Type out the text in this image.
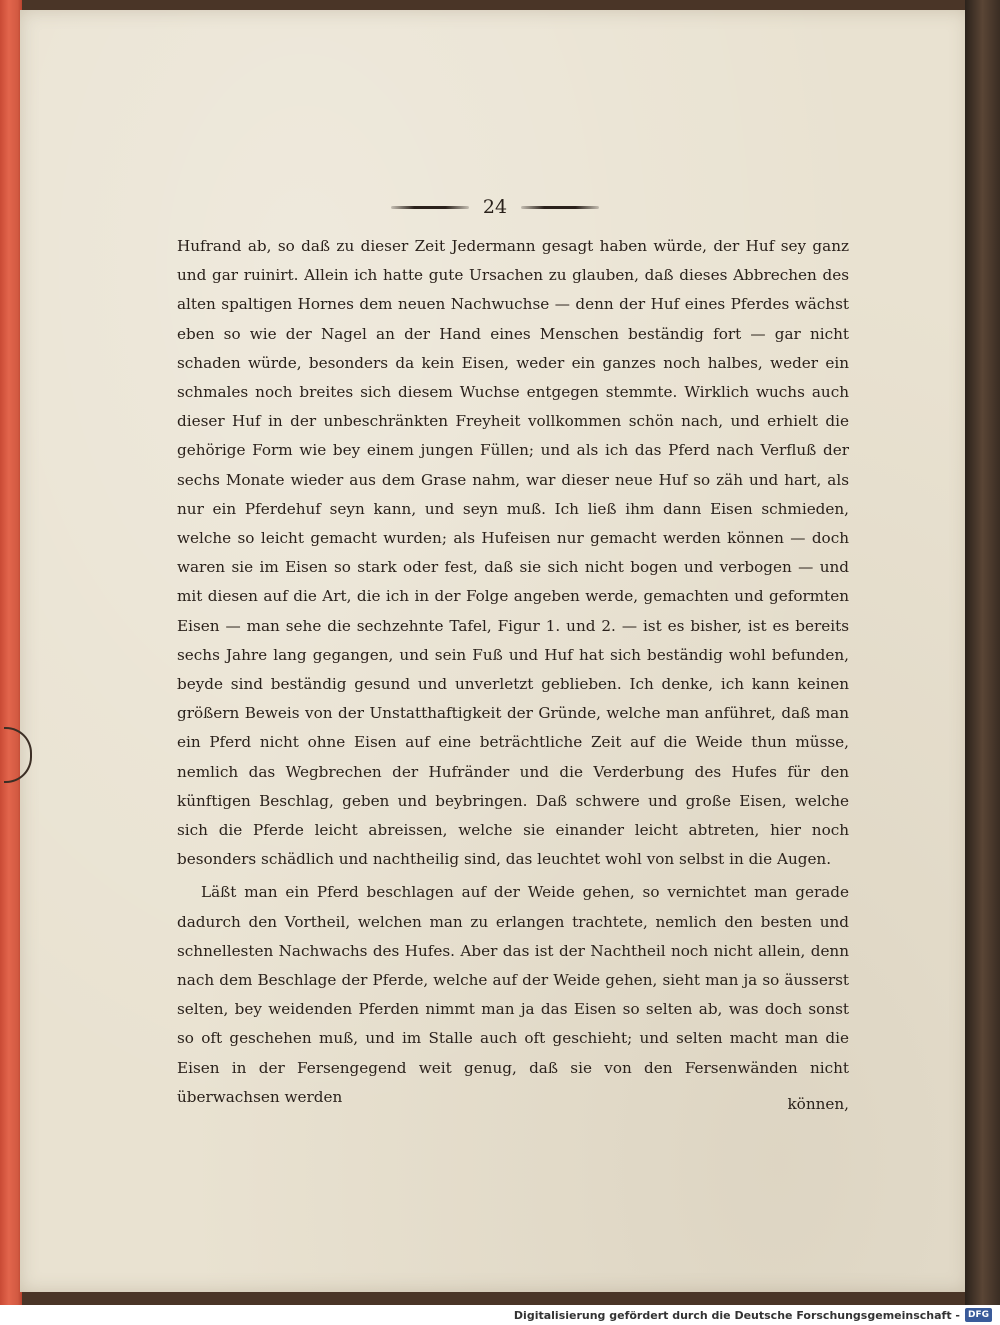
24

Hufrand ab, so daß zu dieser Zeit Jedermann gesagt haben würde, der Huf sey ganz und gar ruinirt. Allein ich hatte gute Ursachen zu glauben, daß dieses Abbrechen des alten spaltigen Hornes dem neuen Nachwuchse — denn der Huf eines Pferdes wächst eben so wie der Nagel an der Hand eines Menschen beständig fort — gar nicht schaden würde, besonders da kein Eisen, weder ein ganzes noch halbes, weder ein schmales noch breites sich diesem Wuchse entgegen stemmte. Wirklich wuchs auch dieser Huf in der unbeschränkten Freyheit vollkommen schön nach, und erhielt die gehörige Form wie bey einem jungen Füllen; und als ich das Pferd nach Verfluß der sechs Monate wieder aus dem Grase nahm, war dieser neue Huf so zäh und hart, als nur ein Pferdehuf seyn kann, und seyn muß. Ich ließ ihm dann Eisen schmieden, welche so leicht gemacht wurden; als Hufeisen nur gemacht werden können — doch waren sie im Eisen so stark oder fest, daß sie sich nicht bogen und verbogen — und mit diesen auf die Art, die ich in der Folge angeben werde, gemachten und geformten Eisen — man sehe die sechzehnte Tafel, Figur 1. und 2. — ist es bisher, ist es bereits sechs Jahre lang gegangen, und sein Fuß und Huf hat sich beständig wohl befunden, beyde sind beständig gesund und unverletzt geblieben. Ich denke, ich kann keinen größern Beweis von der Unstatthaftigkeit der Gründe, welche man anführet, daß man ein Pferd nicht ohne Eisen auf eine beträchtliche Zeit auf die Weide thun müsse, nemlich das Wegbrechen der Hufränder und die Verderbung des Hufes für den künftigen Beschlag, geben und beybringen. Daß schwere und große Eisen, welche sich die Pferde leicht abreissen, welche sie einander leicht abtreten, hier noch besonders schädlich und nachtheilig sind, das leuchtet wohl von selbst in die Augen.

Läßt man ein Pferd beschlagen auf der Weide gehen, so vernichtet man gerade dadurch den Vortheil, welchen man zu erlangen trachtete, nemlich den besten und schnellesten Nachwachs des Hufes. Aber das ist der Nachtheil noch nicht allein, denn nach dem Beschlage der Pferde, welche auf der Weide gehen, sieht man ja so äusserst selten, bey weidenden Pferden nimmt man ja das Eisen so selten ab, was doch sonst so oft geschehen muß, und im Stalle auch oft geschieht; und selten macht man die Eisen in der Fersengegend weit genug, daß sie von den Fersenwänden nicht überwachsen werden	können,
Digitalisierung gefördert durch die Deutsche Forschungsgemeinschaft - DFG
